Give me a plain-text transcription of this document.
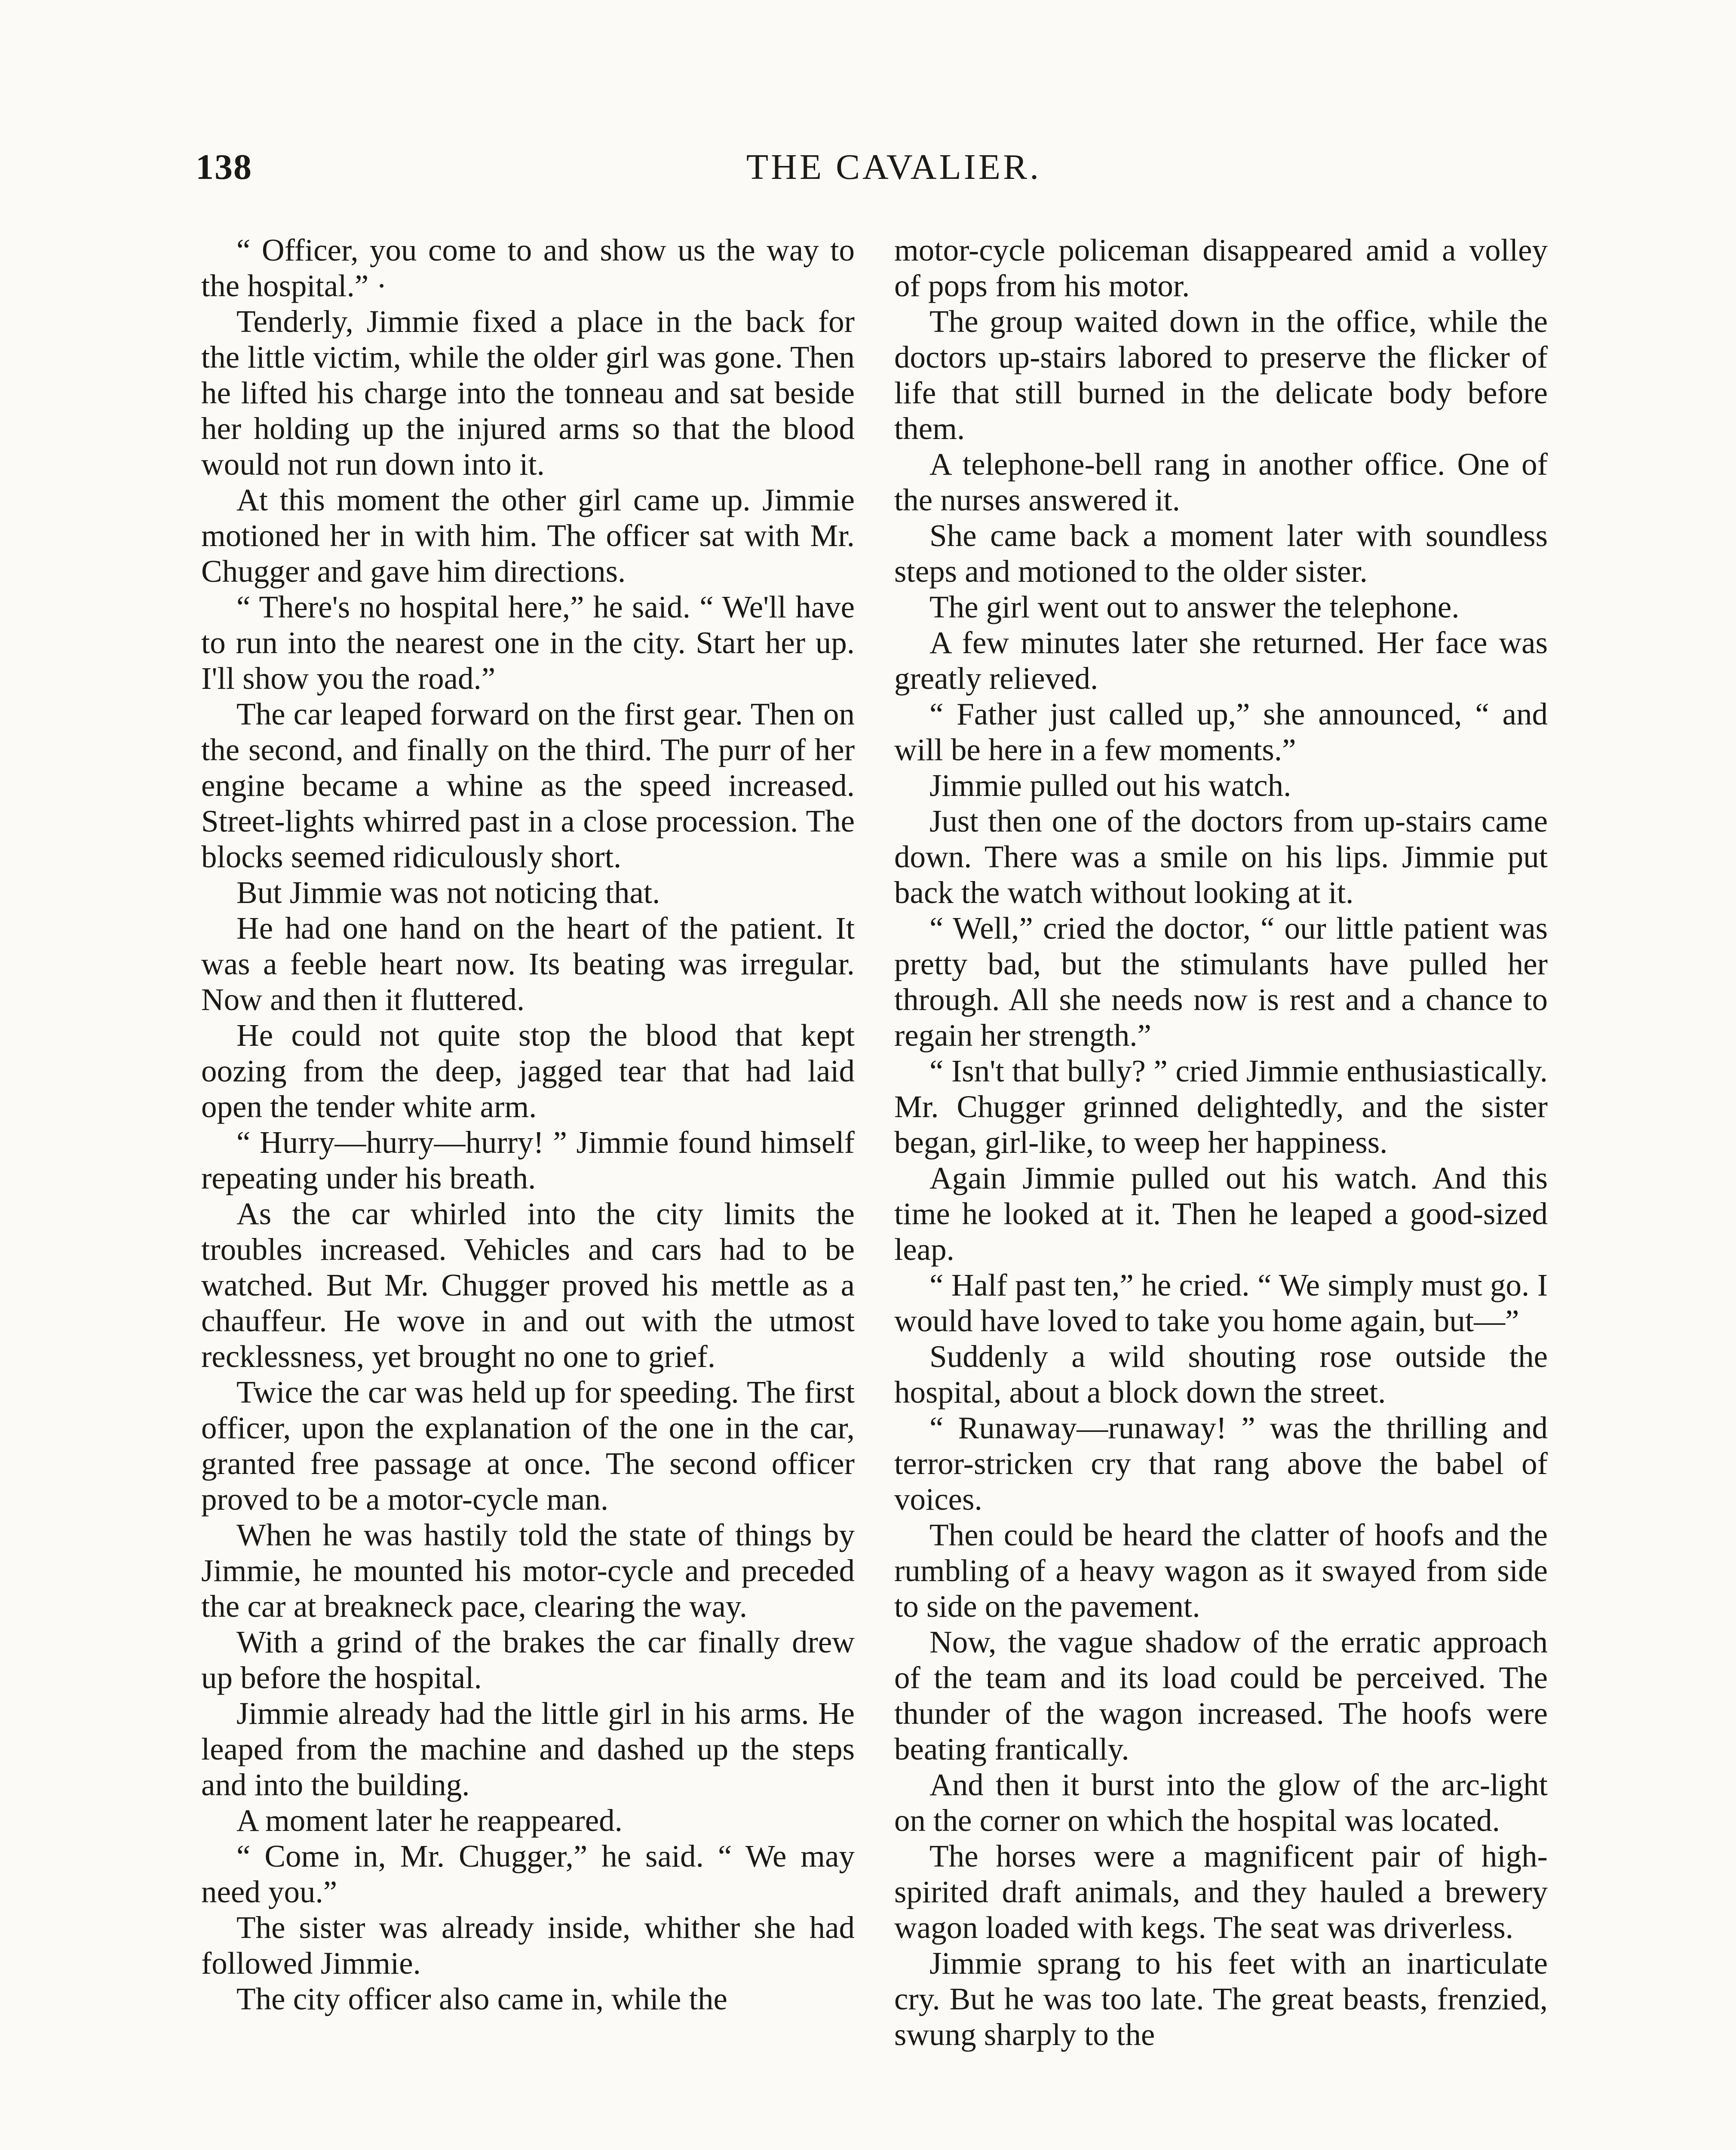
138	THE CAVALIER.

“ Officer, you come to and show us the way to the hospital.” ·

Tenderly, Jimmie fixed a place in the back for the little victim, while the older girl was gone. Then he lifted his charge into the tonneau and sat beside her holding up the injured arms so that the blood would not run down into it.

At this moment the other girl came up. Jimmie motioned her in with him. The officer sat with Mr. Chugger and gave him directions.

“ There's no hospital here,” he said. “ We'll have to run into the nearest one in the city. Start her up. I'll show you the road.”

The car leaped forward on the first gear. Then on the second, and finally on the third. The purr of her engine became a whine as the speed increased. Street-lights whirred past in a close procession. The blocks seemed ridiculously short.

But Jimmie was not noticing that.

He had one hand on the heart of the patient. It was a feeble heart now. Its beating was irregular. Now and then it fluttered.

He could not quite stop the blood that kept oozing from the deep, jagged tear that had laid open the tender white arm.

“ Hurry—hurry—hurry! ” Jimmie found himself repeating under his breath.

As the car whirled into the city limits the troubles increased. Vehicles and cars had to be watched. But Mr. Chugger proved his mettle as a chauffeur. He wove in and out with the utmost recklessness, yet brought no one to grief.

Twice the car was held up for speeding. The first officer, upon the explanation of the one in the car, granted free passage at once. The second officer proved to be a motor-cycle man.

When he was hastily told the state of things by Jimmie, he mounted his motor-cycle and preceded the car at breakneck pace, clearing the way.

With a grind of the brakes the car finally drew up before the hospital.

Jimmie already had the little girl in his arms. He leaped from the machine and dashed up the steps and into the building.

A moment later he reappeared.

“ Come in, Mr. Chugger,” he said. “ We may need you.”

The sister was already inside, whither she had followed Jimmie.

The city officer also came in, while the

motor-cycle policeman disappeared amid a volley of pops from his motor.

The group waited down in the office, while the doctors up-stairs labored to preserve the flicker of life that still burned in the delicate body before them.

A telephone-bell rang in another office. One of the nurses answered it.

She came back a moment later with soundless steps and motioned to the older sister.

The girl went out to answer the telephone.

A few minutes later she returned. Her face was greatly relieved.

“ Father just called up,” she announced, “ and will be here in a few moments.”

Jimmie pulled out his watch.

Just then one of the doctors from up-stairs came down. There was a smile on his lips. Jimmie put back the watch without looking at it.

“ Well,” cried the doctor, “ our little patient was pretty bad, but the stimulants have pulled her through. All she needs now is rest and a chance to regain her strength.”

“ Isn't that bully? ” cried Jimmie enthusiastically. Mr. Chugger grinned delightedly, and the sister began, girl-like, to weep her happiness.

Again Jimmie pulled out his watch. And this time he looked at it. Then he leaped a good-sized leap.

“ Half past ten,” he cried. “ We simply must go. I would have loved to take you home again, but—”

Suddenly a wild shouting rose outside the hospital, about a block down the street.

“ Runaway—runaway! ” was the thrilling and terror-stricken cry that rang above the babel of voices.

Then could be heard the clatter of hoofs and the rumbling of a heavy wagon as it swayed from side to side on the pavement.

Now, the vague shadow of the erratic approach of the team and its load could be perceived. The thunder of the wagon increased. The hoofs were beating frantically.

And then it burst into the glow of the arc-light on the corner on which the hospital was located.

The horses were a magnificent pair of high-spirited draft animals, and they hauled a brewery wagon loaded with kegs. The seat was driverless.

Jimmie sprang to his feet with an inarticulate cry. But he was too late. The great beasts, frenzied, swung sharply to the
